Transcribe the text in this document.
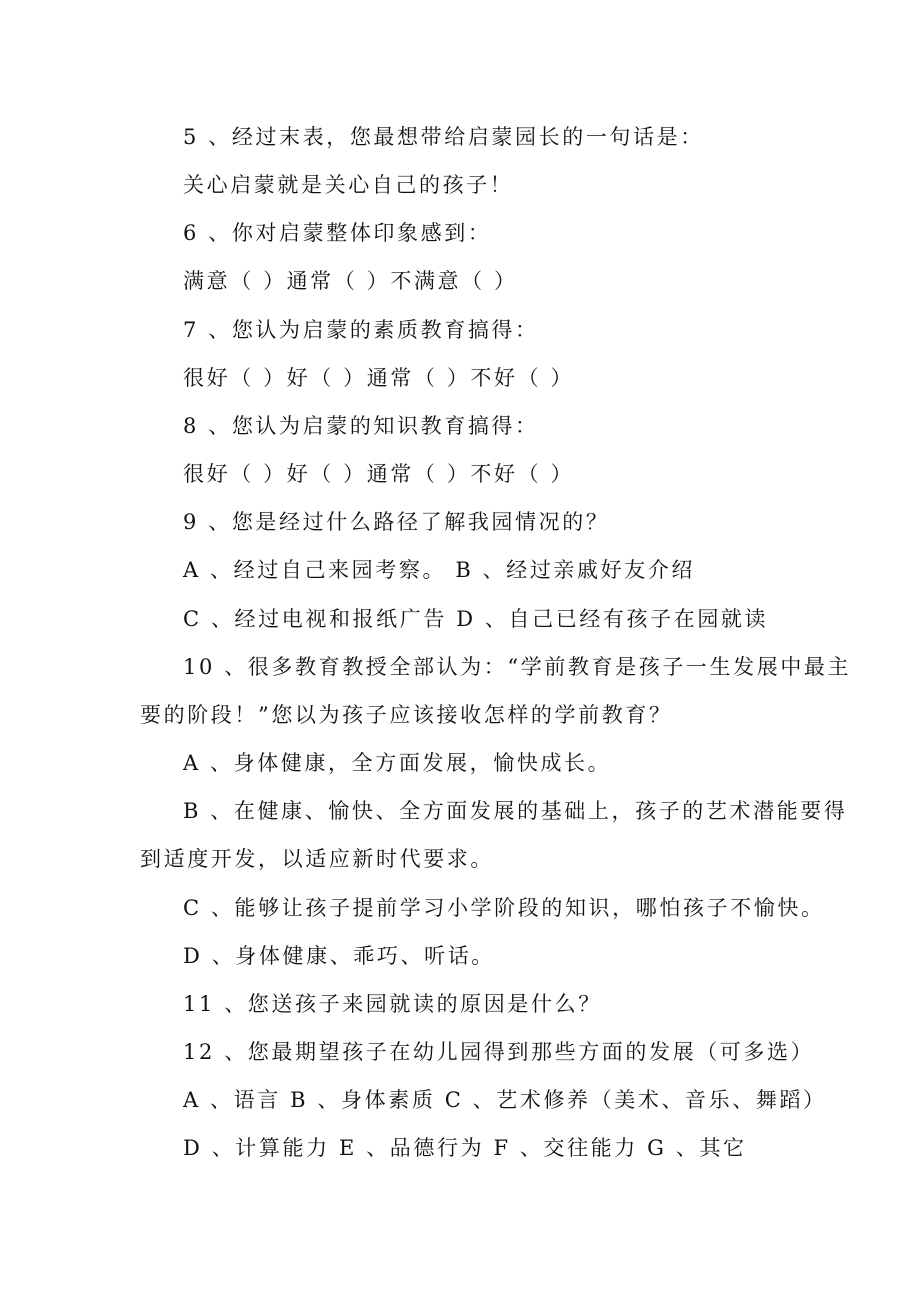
5 、经过末表，您最想带给启蒙园长的一句话是：
关心启蒙就是关心自己的孩子！
6 、你对启蒙整体印象感到：
满意（ ）通常（ ）不满意（ ）
7 、您认为启蒙的素质教育搞得：
很好（ ）好（ ）通常（ ）不好（ ）
8 、您认为启蒙的知识教育搞得：
很好（ ）好（ ）通常（ ）不好（ ）
9 、您是经过什么路径了解我园情况的？
A 、经过自己来园考察。 B 、经过亲戚好友介绍
C 、经过电视和报纸广告 D 、自己已经有孩子在园就读
10 、很多教育教授全部认为：“学前教育是孩子一生发展中最主
要的阶段！”您以为孩子应该接收怎样的学前教育？
A 、身体健康，全方面发展，愉快成长。
B 、在健康、愉快、全方面发展的基础上，孩子的艺术潜能要得
到适度开发，以适应新时代要求。
C 、能够让孩子提前学习小学阶段的知识，哪怕孩子不愉快。
D 、身体健康、乖巧、听话。
11 、您送孩子来园就读的原因是什么？
12 、您最期望孩子在幼儿园得到那些方面的发展（可多选）
A 、语言 B 、身体素质 C 、艺术修养（美术、音乐、舞蹈）
D 、计算能力 E 、品德行为 F 、交往能力 G 、其它
